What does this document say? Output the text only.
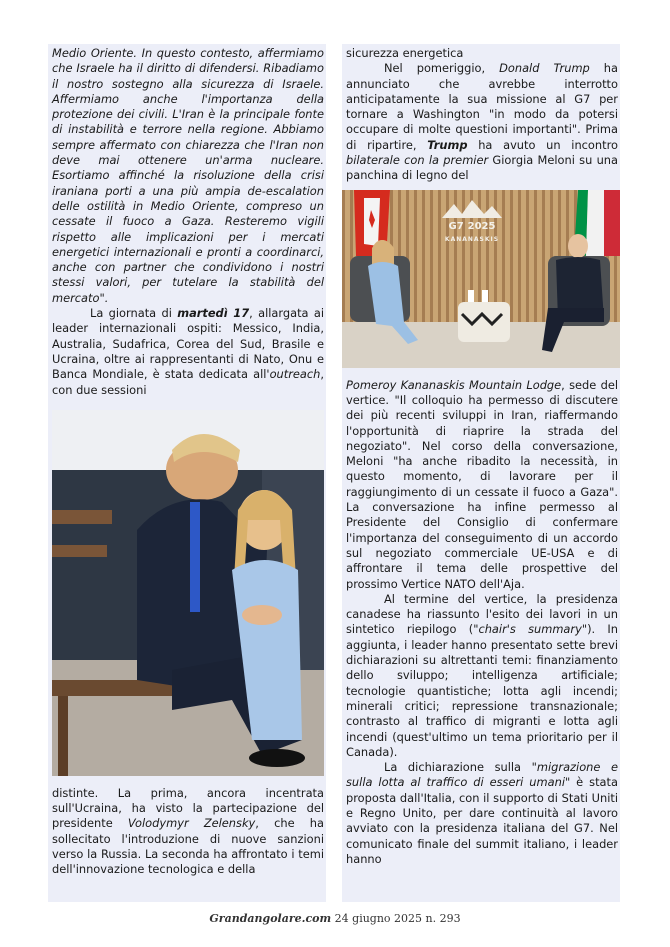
Medio Oriente. In questo contesto, affermiamo che Israele ha il diritto di difendersi. Ribadiamo il nostro sostegno alla sicurezza di Israele. Affermiamo anche l'importanza della protezione dei civili. L'Iran è la principale fonte di instabilità e terrore nella regione. Abbiamo sempre affermato con chiarezza che l'Iran non deve mai ottenere un'arma nucleare. Esortiamo affinché la risoluzione della crisi iraniana porti a una più ampia de-escalation delle ostilità in Medio Oriente, compreso un cessate il fuoco a Gaza. Resteremo vigili rispetto alle implicazioni per i mercati energetici internazionali e pronti a coordinarci, anche con partner che condividono i nostri stessi valori, per tutelare la stabilità del mercato".

La giornata di martedì 17, allargata ai leader internazionali ospiti: Messico, India, Australia, Sudafrica, Corea del Sud, Brasile e Ucraina, oltre ai rappresentanti di Nato, Onu e Banca Mondiale, è stata dedicata all'outreach, con due sessioni

distinte. La prima, ancora incentrata sull'Ucraina, ha visto la partecipazione del presidente Volodymyr Zelensky, che ha sollecitato l'introduzione di nuove sanzioni verso la Russia. La seconda ha affrontato i temi dell'innovazione tecnologica e della

sicurezza energetica

Nel pomeriggio, Donald Trump ha annunciato che avrebbe interrotto anticipatamente la sua missione al G7 per tornare a Washington "in modo da potersi occupare di molte questioni importanti". Prima di ripartire, Trump ha avuto un incontro bilaterale con la premier Giorgia Meloni su una panchina di legno del

G7 2025
KANANASKIS

Pomeroy Kananaskis Mountain Lodge, sede del vertice. "Il colloquio ha permesso di discutere dei più recenti sviluppi in Iran, riaffermando l'opportunità di riaprire la strada del negoziato". Nel corso della conversazione, Meloni "ha anche ribadito la necessità, in questo momento, di lavorare per il raggiungimento di un cessate il fuoco a Gaza". La conversazione ha infine permesso al Presidente del Consiglio di confermare l'importanza del conseguimento di un accordo sul negoziato commerciale UE-USA e di affrontare il tema delle prospettive del prossimo Vertice NATO dell'Aja.

Al termine del vertice, la presidenza canadese ha riassunto l'esito dei lavori in un sintetico riepilogo ("chair's summary"). In aggiunta, i leader hanno presentato sette brevi dichiarazioni su altrettanti temi: finanziamento dello sviluppo; intelligenza artificiale; tecnologie quantistiche; lotta agli incendi; minerali critici; repressione transnazionale; contrasto al traffico di migranti e lotta agli incendi (quest'ultimo un tema prioritario per il Canada).

La dichiarazione sulla "migrazione e sulla lotta al traffico di esseri umani" è stata proposta dall'Italia, con il supporto di Stati Uniti e Regno Unito, per dare continuità al lavoro avviato con la presidenza italiana del G7. Nel comunicato finale del summit italiano, i leader hanno

Grandangolare.com 24 giugno 2025 n. 293
